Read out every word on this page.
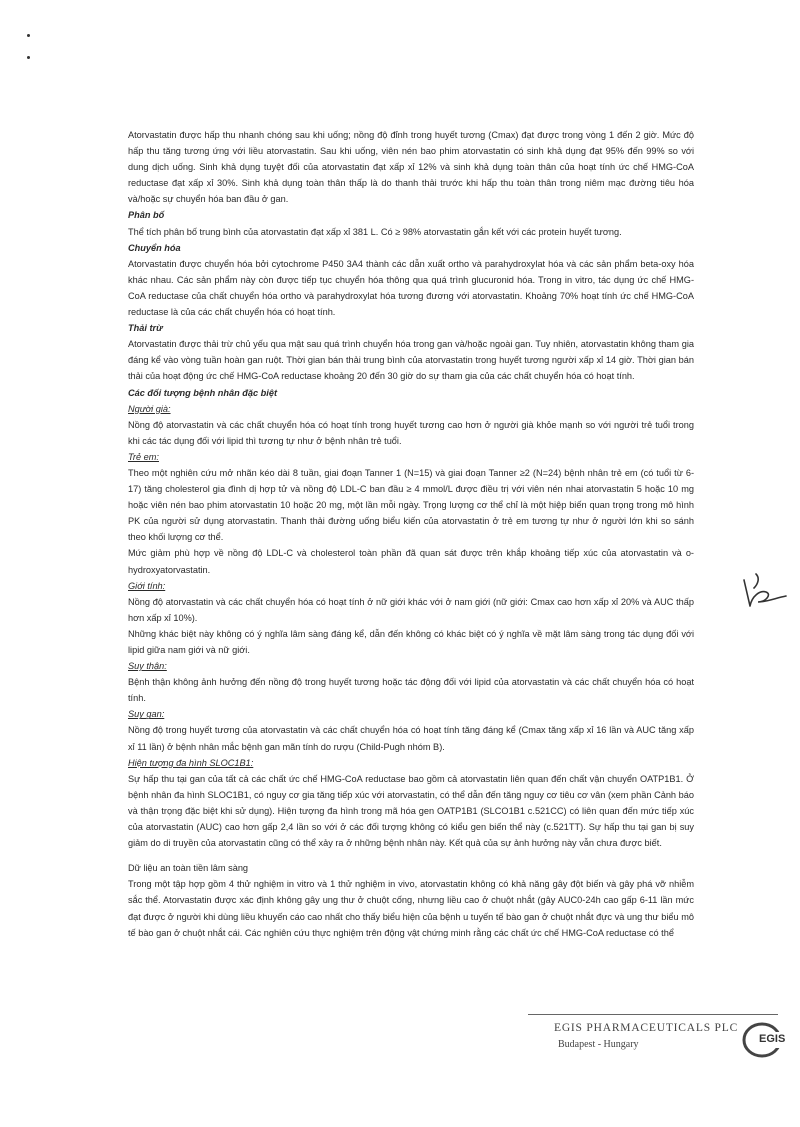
Atorvastatin được hấp thu nhanh chóng sau khi uống; nồng độ đỉnh trong huyết tương (Cmax) đạt được trong vòng 1 đến 2 giờ. Mức độ hấp thu tăng tương ứng với liều atorvastatin. Sau khi uống, viên nén bao phim atorvastatin có sinh khả dụng đạt 95% đến 99% so với dung dịch uống. Sinh khả dụng tuyệt đối của atorvastatin đạt xấp xỉ 12% và sinh khả dụng toàn thân của hoạt tính ức chế HMG-CoA reductase đạt xấp xỉ 30%. Sinh khả dụng toàn thân thấp là do thanh thải trước khi hấp thu toàn thân trong niêm mạc đường tiêu hóa và/hoặc sự chuyển hóa ban đầu ở gan.

Phân bố

Thể tích phân bố trung bình của atorvastatin đạt xấp xỉ 381 L. Có ≥ 98% atorvastatin gắn kết với các protein huyết tương.

Chuyển hóa

Atorvastatin được chuyển hóa bởi cytochrome P450 3A4 thành các dẫn xuất ortho và parahydroxylat hóa và các sản phẩm beta-oxy hóa khác nhau. Các sản phẩm này còn được tiếp tục chuyển hóa thông qua quá trình glucuronid hóa. Trong in vitro, tác dụng ức chế HMG-CoA reductase của chất chuyển hóa ortho và parahydroxylat hóa tương đương với atorvastatin. Khoảng 70% hoạt tính ức chế HMG-CoA reductase là của các chất chuyển hóa có hoạt tính.

Thải trừ

Atorvastatin được thải trừ chủ yếu qua mật sau quá trình chuyển hóa trong gan và/hoặc ngoài gan. Tuy nhiên, atorvastatin không tham gia đáng kể vào vòng tuần hoàn gan ruột. Thời gian bán thải trung bình của atorvastatin trong huyết tương người xấp xỉ 14 giờ. Thời gian bán thải của hoạt động ức chế HMG-CoA reductase khoảng 20 đến 30 giờ do sự tham gia của các chất chuyển hóa có hoạt tính.

Các đối tượng bệnh nhân đặc biệt

Người già:

Nồng độ atorvastatin và các chất chuyển hóa có hoạt tính trong huyết tương cao hơn ở người già khỏe mạnh so với người trẻ tuổi trong khi các tác dụng đối với lipid thì tương tự như ở bệnh nhân trẻ tuổi.

Trẻ em:

Theo một nghiên cứu mở nhãn kéo dài 8 tuần, giai đoạn Tanner 1 (N=15) và giai đoạn Tanner ≥2 (N=24) bệnh nhân trẻ em (có tuổi từ 6-17) tăng cholesterol gia đình dị hợp tử và nồng độ LDL-C ban đầu ≥ 4 mmol/L được điều trị với viên nén nhai atorvastatin 5 hoặc 10 mg hoặc viên nén bao phim atorvastatin 10 hoặc 20 mg, một lần mỗi ngày. Trọng lượng cơ thể chỉ là một hiệp biến quan trọng trong mô hình PK của người sử dụng atorvastatin. Thanh thải đường uống biểu kiến của atorvastatin ở trẻ em tương tự như ở người lớn khi so sánh theo khối lượng cơ thể.

Mức giảm phù hợp về nồng độ LDL-C và cholesterol toàn phần đã quan sát được trên khắp khoảng tiếp xúc của atorvastatin và o-hydroxyatorvastatin.

Giới tính:

Nồng độ atorvastatin và các chất chuyển hóa có hoạt tính ở nữ giới khác với ở nam giới (nữ giới: Cmax cao hơn xấp xỉ 20% và AUC thấp hơn xấp xỉ 10%).

Những khác biệt này không có ý nghĩa lâm sàng đáng kể, dẫn đến không có khác biệt có ý nghĩa về mặt lâm sàng trong tác dụng đối với lipid giữa nam giới và nữ giới.

Suy thận:

Bệnh thận không ảnh hưởng đến nồng độ trong huyết tương hoặc tác động đối với lipid của atorvastatin và các chất chuyển hóa có hoạt tính.

Suy gan:

Nồng độ trong huyết tương của atorvastatin và các chất chuyển hóa có hoạt tính tăng đáng kể (Cmax tăng xấp xỉ 16 lần và AUC tăng xấp xỉ 11 lần) ở bệnh nhân mắc bệnh gan mãn tính do rượu (Child-Pugh nhóm B).

Hiện tượng đa hình SLOC1B1:

Sự hấp thu tại gan của tất cả các chất ức chế HMG-CoA reductase bao gồm cả atorvastatin liên quan đến chất vận chuyển OATP1B1. Ở bệnh nhân đa hình SLOC1B1, có nguy cơ gia tăng tiếp xúc với atorvastatin, có thể dẫn đến tăng nguy cơ tiêu cơ vân (xem phần Cảnh báo và thận trọng đặc biệt khi sử dụng). Hiện tượng đa hình trong mã hóa gen OATP1B1 (SLCO1B1 c.521CC) có liên quan đến mức tiếp xúc của atorvastatin (AUC) cao hơn gấp 2,4 lần so với ở các đối tượng không có kiểu gen biến thể này (c.521TT). Sự hấp thu tại gan bị suy giảm do di truyền của atorvastatin cũng có thể xảy ra ở những bệnh nhân này. Kết quả của sự ảnh hưởng này vẫn chưa được biết.

Dữ liệu an toàn tiền lâm sàng

Trong một tập hợp gồm 4 thử nghiệm in vitro và 1 thử nghiệm in vivo, atorvastatin không có khả năng gây đột biến và gây phá vỡ nhiễm sắc thể. Atorvastatin được xác định không gây ung thư ở chuột cống, nhưng liều cao ở chuột nhắt (gây AUC0-24h cao gấp 6-11 lần mức đạt được ở người khi dùng liều khuyến cáo cao nhất cho thấy biểu hiện của bệnh u tuyến tế bào gan ở chuột nhắt đực và ung thư biểu mô tế bào gan ở chuột nhắt cái. Các nghiên cứu thực nghiệm trên động vật chứng minh rằng các chất ức chế HMG-CoA reductase có thể

EGIS PHARMACEUTICALS PLC
Budapest - Hungary	EGIS
